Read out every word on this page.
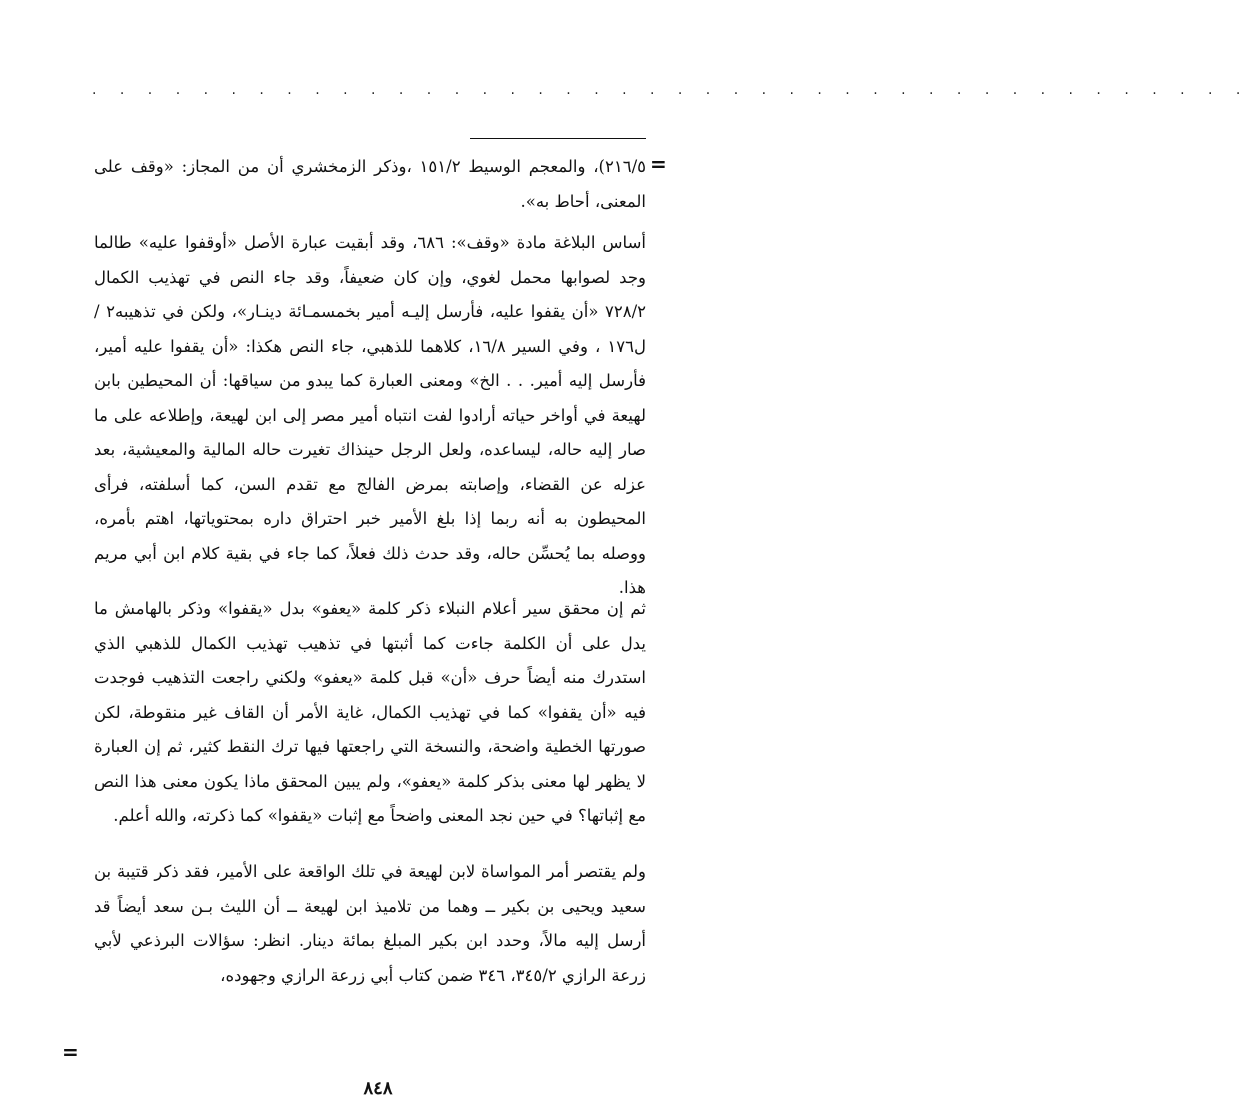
. . . . . . . . . . . . . . . . . . . . . . . . . . . . . . . . . . . . . . . . . .
=

٢١٦/٥)، والمعجم الوسيط ١٥١/٢ ،وذكر الزمخشري أن من المجاز: «وقف على المعنى، أحاط به».

أساس البلاغة مادة «وقف»: ٦٨٦، وقد أبقيت عبارة الأصل «أوقفوا عليه» طالما وجد لصوابها محمل لغوي، وإن كان ضعيفاً، وقد جاء النص في تهذيب الكمال ٧٢٨/٢ «أن يقفوا عليه، فأرسل إليـه أمير بخمسمـائة دينـار»، ولكن في تذهيبه٢ /ل١٧٦ ، وفي السير ١٦/٨، كلاهما للذهبي، جاء النص هكذا: «أن يقفوا عليه أمير، فأرسل إليه أمير. . . الخ» ومعنى العبارة كما يبدو من سياقها: أن المحيطين بابن لهيعة في أواخر حياته أرادوا لفت انتباه أمير مصر إلى ابن لهيعة، وإطلاعه على ما صار إليه حاله، ليساعده، ولعل الرجل حينذاك تغيرت حاله المالية والمعيشية، بعد عزله عن القضاء، وإصابته بمرض الفالج مع تقدم السن، كما أسلفته، فرأى المحيطون به أنه ربما إذا بلغ الأمير خبر احتراق داره بمحتوياتها، اهتم بأمره، ووصله بما يُحسِّن حاله، وقد حدث ذلك فعلاً، كما جاء في بقية كلام ابن أبي مريم هذا.

ثم إن محقق سير أعلام النبلاء ذكر كلمة «يعفو» بدل «يقفوا» وذكر بالهامش ما يدل على أن الكلمة جاءت كما أثبتها في تذهيب تهذيب الكمال للذهبي الذي استدرك منه أيضاً حرف «أن» قبل كلمة «يعفو» ولكني راجعت التذهيب فوجدت فيه «أن يقفوا» كما في تهذيب الكمال، غاية الأمر أن القاف غير منقوطة، لكن صورتها الخطية واضحة، والنسخة التي راجعتها فيها ترك النقط كثير، ثم إن العبارة لا يظهر لها معنى بذكر كلمة «يعفو»، ولم يبين المحقق ماذا يكون معنى هذا النص مع إثباتها؟ في حين نجد المعنى واضحاً مع إثبات «يقفوا» كما ذكرته، والله أعلم.

ولم يقتصر أمر المواساة لابن لهيعة في تلك الواقعة على الأمير، فقد ذكر قتيبة بن سعيد ويحيى بن بكير ــ وهما من تلاميذ ابن لهيعة ــ أن الليث بـن سعد أيضاً قد أرسل إليه مالاً، وحدد ابن بكير المبلغ بمائة دينار. انظر: سؤالات البرذعي لأبي زرعة الرازي ٣٤٥/٢، ٣٤٦ ضمن كتاب أبي زرعة الرازي وجهوده،

=
٨٤٨
